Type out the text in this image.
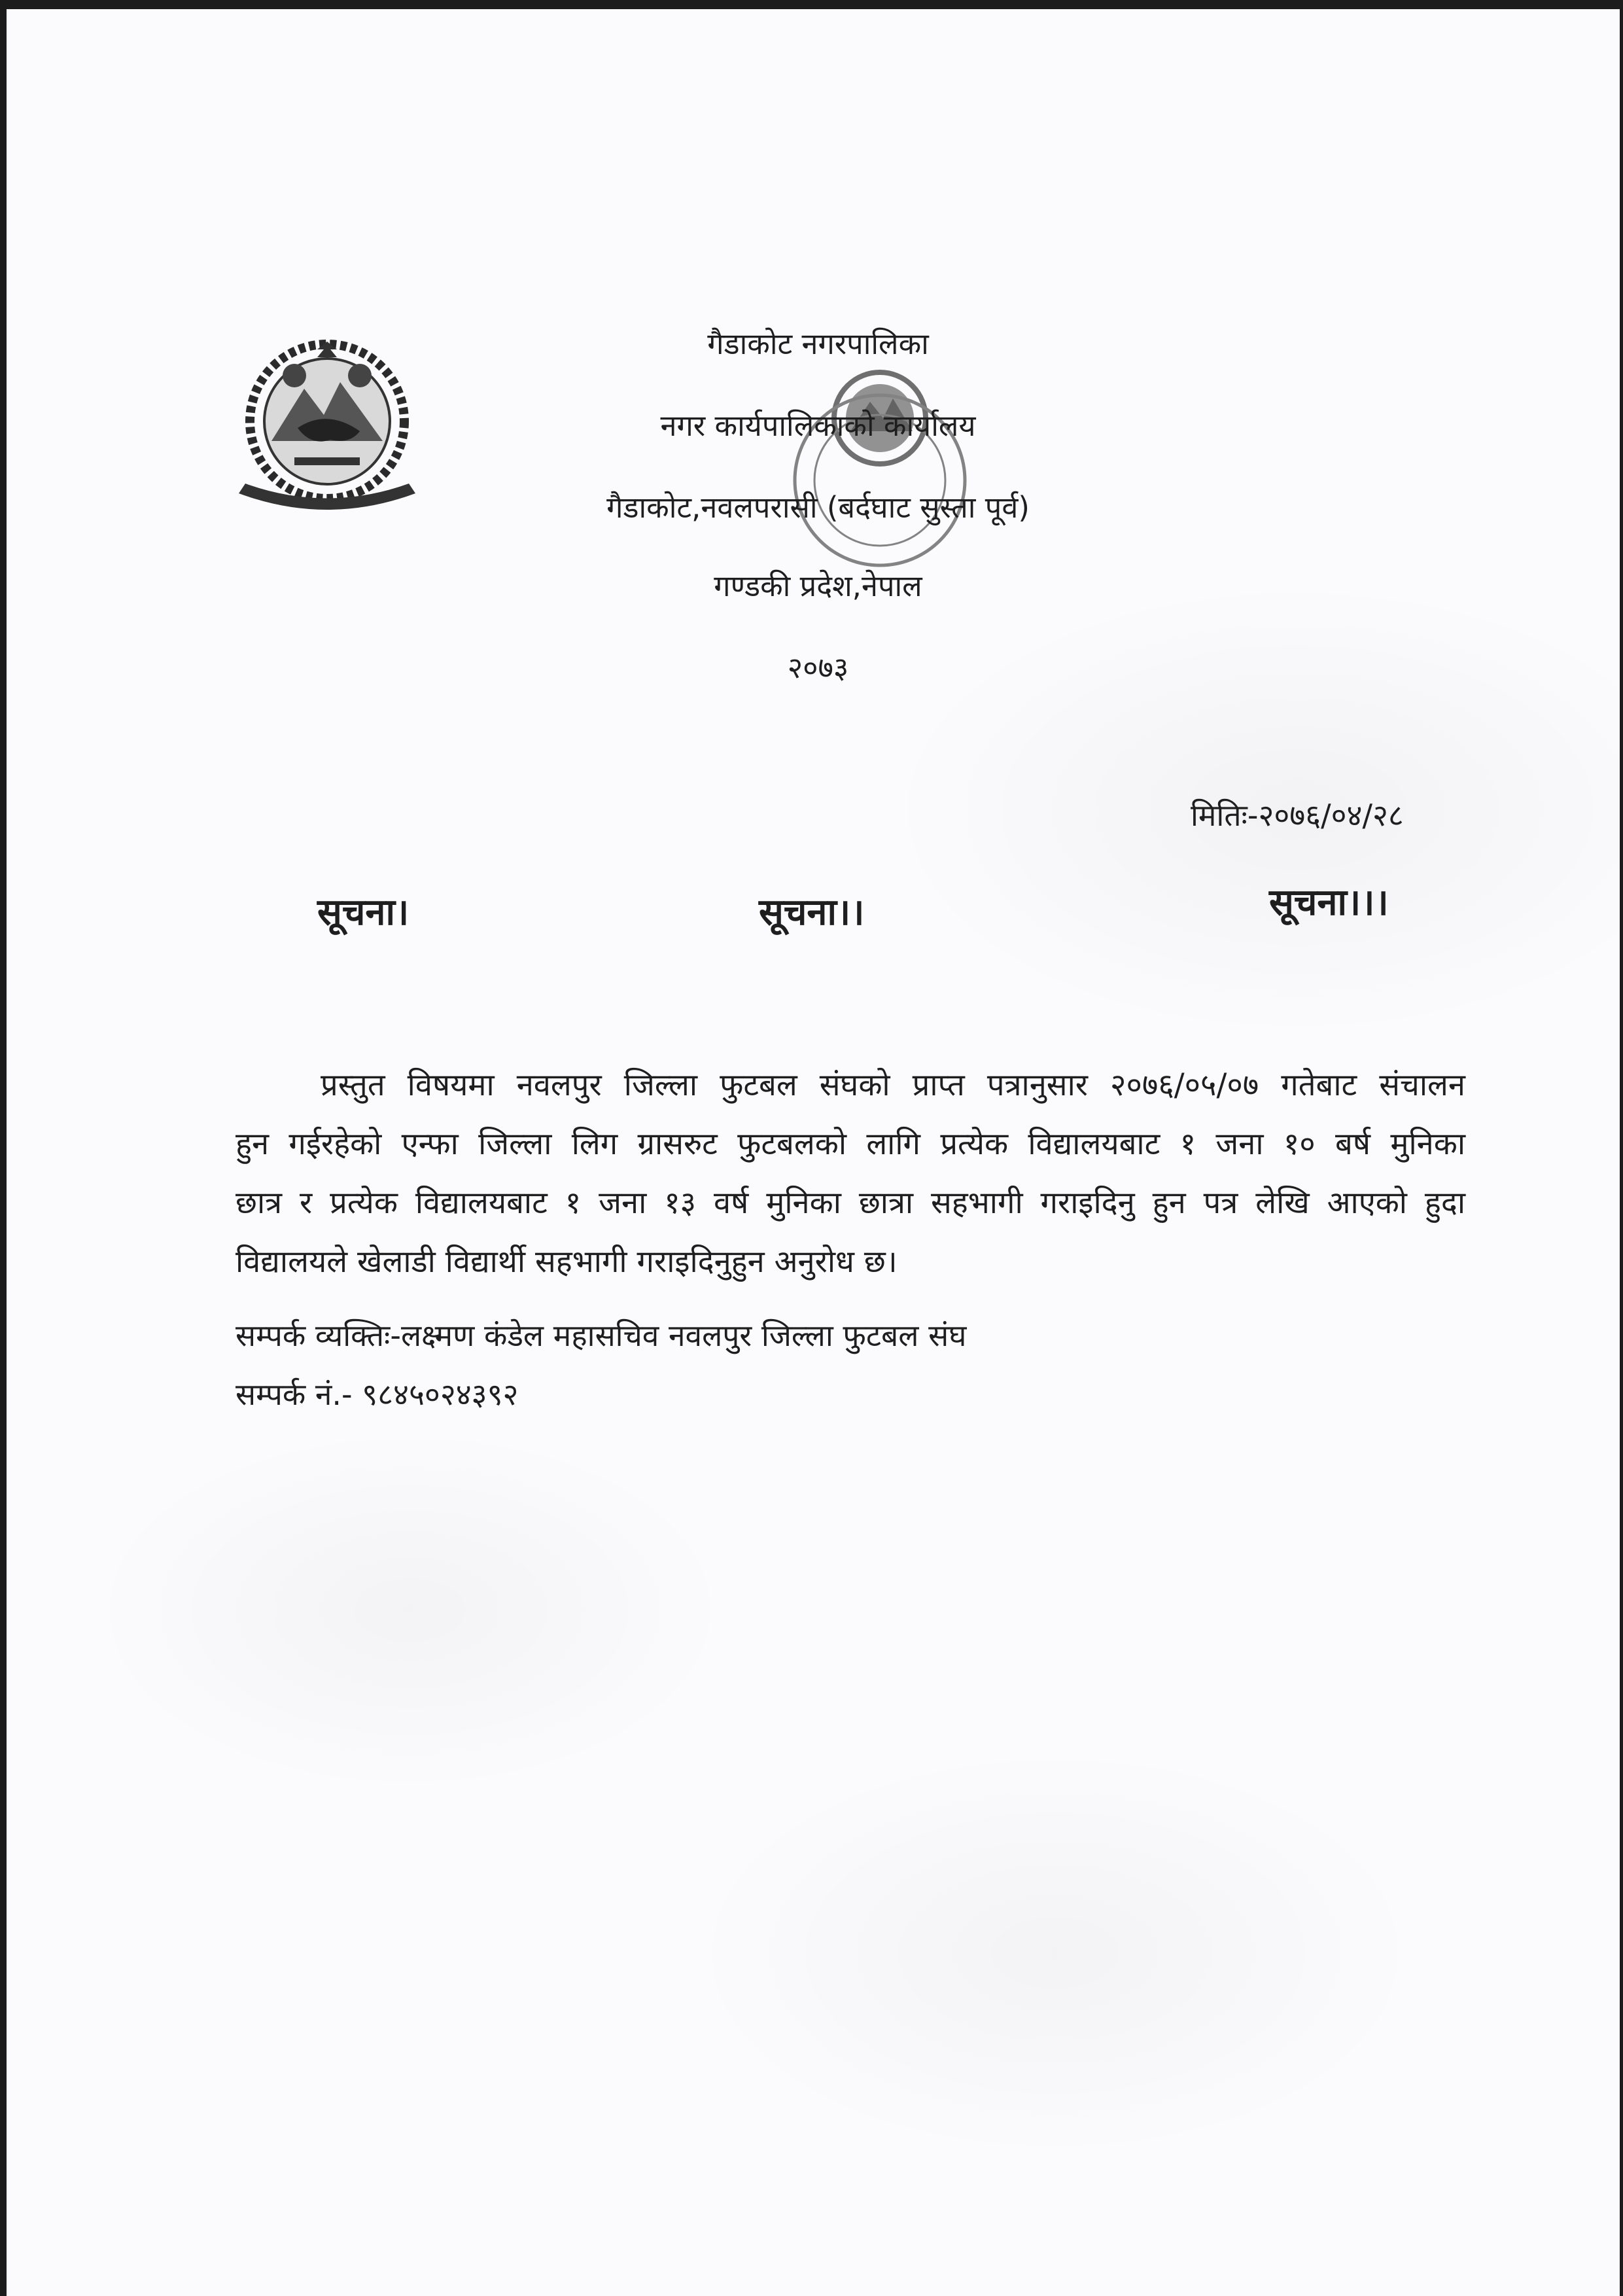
गैडाकोट नगरपालिका
नगर कार्यपालिकाको कार्यालय
गैडाकोट,नवलपरासी (बर्दघाट सुस्ता पूर्व)
गण्डकी प्रदेश,नेपाल
२०७३
मितिः-२०७६/०४/२८
सूचना।	सूचना।।	सूचना।।।
प्रस्तुत विषयमा नवलपुर जिल्ला फुटबल संघको प्राप्त पत्रानुसार २०७६/०५/०७ गतेबाट संचालन
हुन गईरहेको एन्फा जिल्ला लिग ग्रासरुट फुटबलको लागि प्रत्येक विद्यालयबाट १ जना १० बर्ष मुनिका
छात्र र प्रत्येक विद्यालयबाट १ जना १३ वर्ष मुनिका छात्रा सहभागी गराइदिनु हुन पत्र लेखि आएको हुदा
विद्यालयले खेलाडी विद्यार्थी सहभागी गराइदिनुहुन अनुरोध छ।
सम्पर्क व्यक्तिः-लक्ष्मण कंडेल महासचिव नवलपुर जिल्ला फुटबल संघ
सम्पर्क नं.- ९८४५०२४३९२
